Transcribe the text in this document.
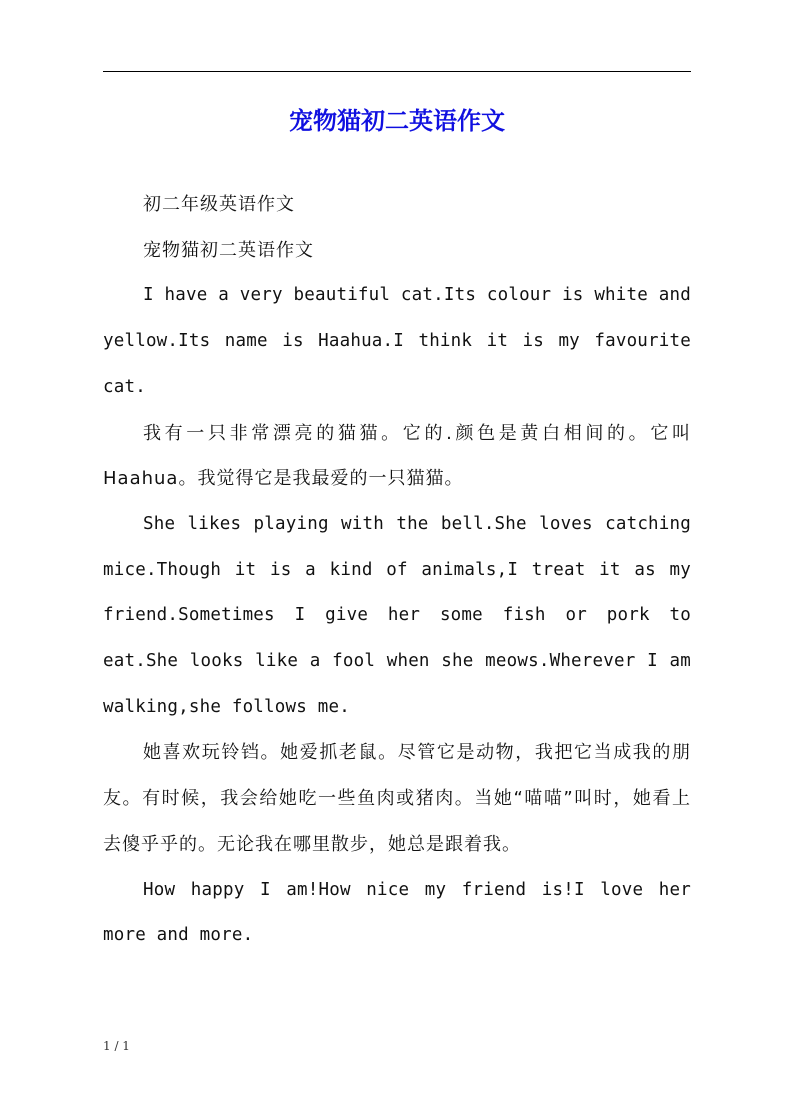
宠物猫初二英语作文

初二年级英语作文

宠物猫初二英语作文

I have a very beautiful cat.Its colour is white and yellow.Its name is Haahua.I think it is my favourite cat.

我有一只非常漂亮的猫猫。它的.颜色是黄白相间的。它叫Haahua。我觉得它是我最爱的一只猫猫。

She likes playing with the bell.She loves catching mice.Though it is a kind of animals,I treat it as my friend.Sometimes I give her some fish or pork to eat.She looks like a fool when she meows.Wherever I am walking,she follows me.

她喜欢玩铃铛。她爱抓老鼠。尽管它是动物，我把它当成我的朋友。有时候，我会给她吃一些鱼肉或猪肉。当她“喵喵”叫时，她看上去傻乎乎的。无论我在哪里散步，她总是跟着我。

How happy I am!How nice my friend is!I love her more and more.

1 / 1
